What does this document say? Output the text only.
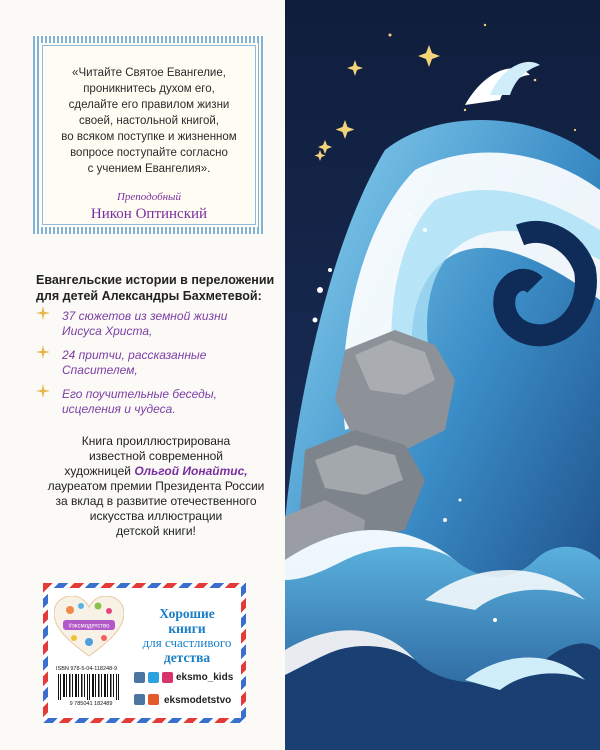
«Читайте Святое Евангелие,
проникнитесь духом его,
сделайте его правилом жизни
своей, настольной книгой,
во всяком поступке и жизненном
вопросе поступайте согласно
с учением Евангелия».
Преподобный
Никон Оптинский
Евангельские истории в переложении
для детей Александры Бахметевой:
37 сюжетов из земной жизни
Иисуса Христа,
24 притчи, рассказанные
Спасителем,
Его поучительные беседы,
исцеления и чудеса.
Книга проиллюстрирована
известной современной
художницей Ольгой Ионайтис,
лауреатом премии Президента России
за вклад в развитие отечественного
искусства иллюстрации
детской книги!
#эксмодетство
Хорошие
книги
для счастливого
детства
ISBN 978-5-04-118248-9
9 785041 182489
eksmo_kids
eksmodetstvo
